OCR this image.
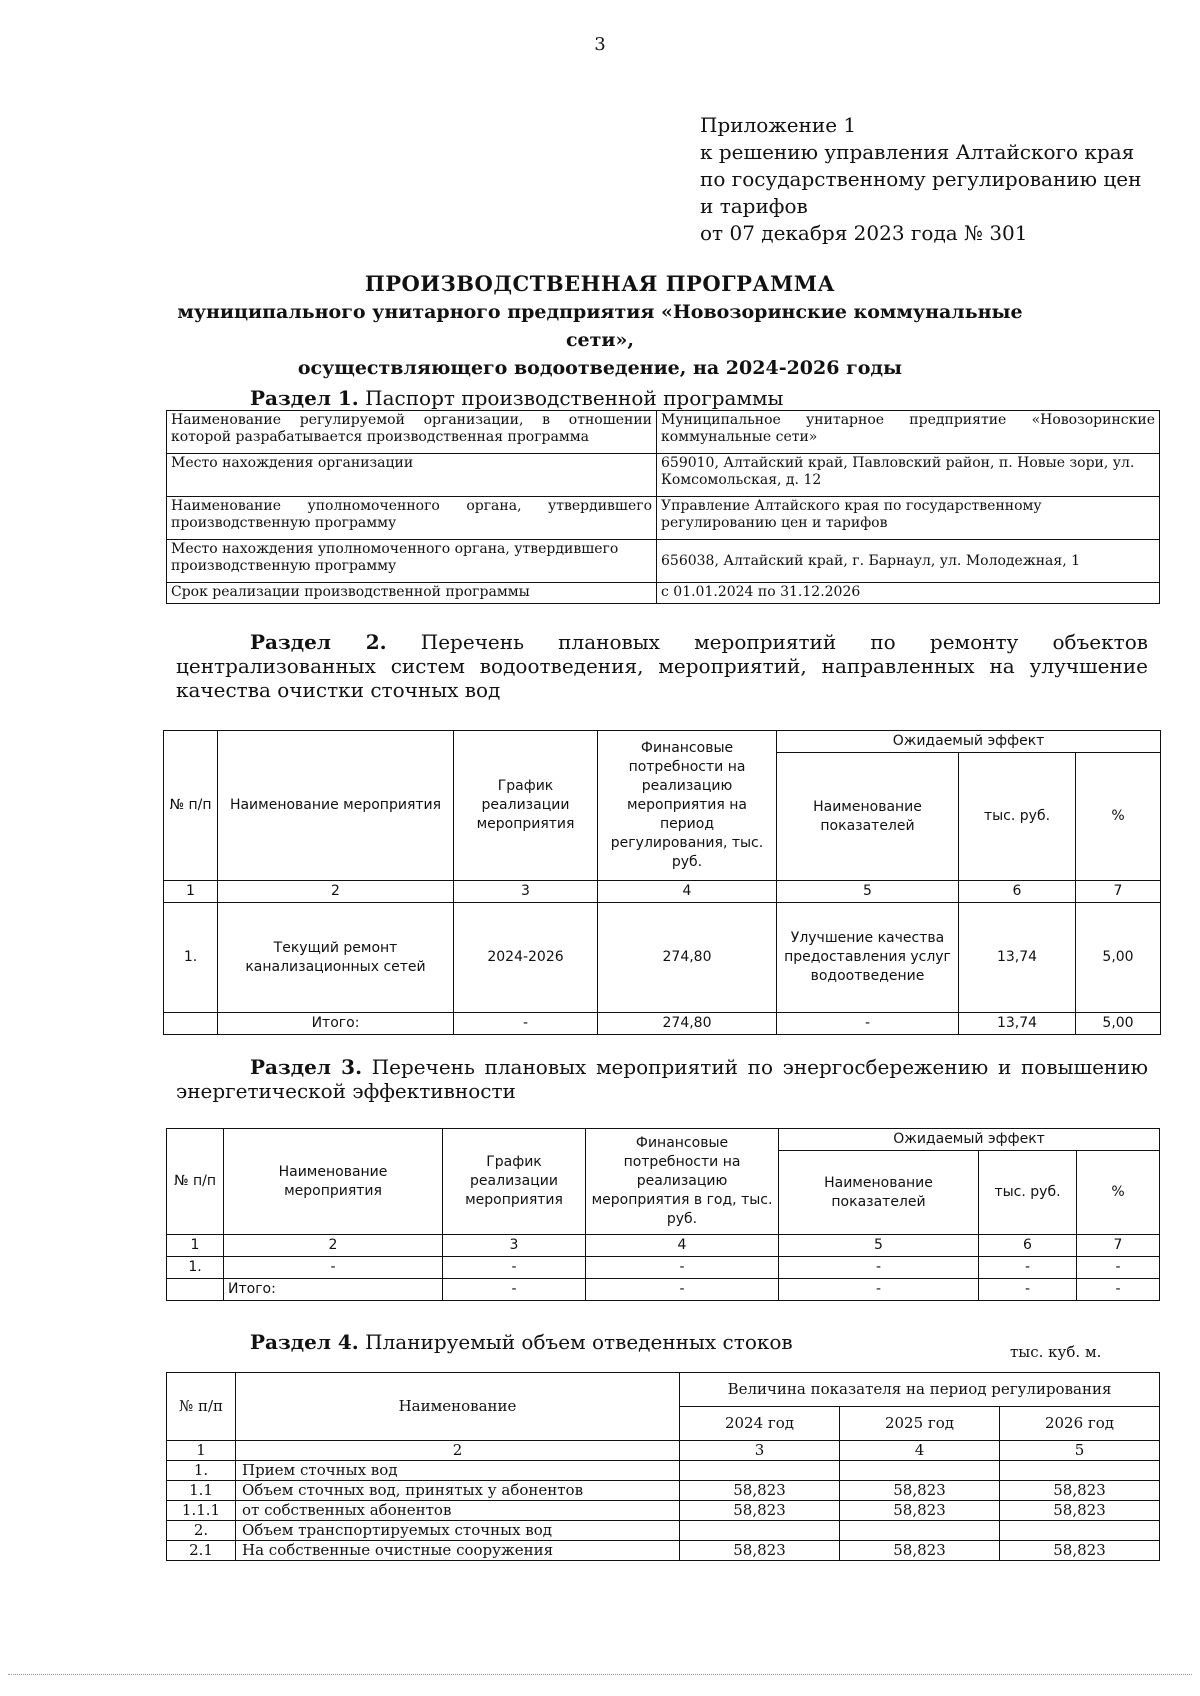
3
Приложение 1
к решению управления Алтайского края
по государственному регулированию цен
и тарифов
от 07 декабря 2023 года № 301
ПРОИЗВОДСТВЕННАЯ ПРОГРАММА
муниципального унитарного предприятия «Новозоринские коммунальные сети»,
осуществляющего водоотведение, на 2024-2026 годы
Раздел 1. Паспорт производственной программы
Наименование регулируемой организации, в отношении которой разрабатывается производственная программа	Муниципальное унитарное предприятие «Новозоринские коммунальные сети»
Место нахождения организации	659010, Алтайский край, Павловский район, п. Новые зори, ул. Комсомольская, д. 12
Наименование уполномоченного органа, утвердившего производственную программу	Управление Алтайского края по государственному регулированию цен и тарифов
Место нахождения уполномоченного органа, утвердившего производственную программу	656038, Алтайский край, г. Барнаул, ул. Молодежная, 1
Срок реализации производственной программы	с 01.01.2024 по 31.12.2026
Раздел 2. Перечень плановых мероприятий по ремонту объектов централизованных систем водоотведения, мероприятий, направленных на улучшение качества очистки сточных вод
№ п/п	Наименование мероприятия	График реализации мероприятия	Финансовые потребности на реализацию мероприятия на период регулирования, тыс. руб.	Ожидаемый эффект		
				Наименование показателей	тыс. руб.	%
1	2	3	4	5	6	7
1.	Текущий ремонт канализационных сетей	2024-2026	274,80	Улучшение качества предоставления услуг водоотведение	13,74	5,00
	Итого:	-	274,80	-	13,74	5,00
Раздел 3. Перечень плановых мероприятий по энергосбережению и повышению энергетической эффективности
№ п/п	Наименование мероприятия	График реализации мероприятия	Финансовые потребности на реализацию мероприятия в год, тыс. руб.	Ожидаемый эффект		
				Наименование показателей	тыс. руб.	%
1	2	3	4	5	6	7
1.	-	-	-	-	-	-
	Итого:	-	-	-	-	-
Раздел 4. Планируемый объем отведенных стоков	тыс. куб. м.
№ п/п	Наименование	Величина показателя на период регулирования		
		2024 год	2025 год	2026 год
1	2	3	4	5
1.	Прием сточных вод			
1.1	Объем сточных вод, принятых у абонентов	58,823	58,823	58,823
1.1.1	от собственных абонентов	58,823	58,823	58,823
2.	Объем транспортируемых сточных вод			
2.1	На собственные очистные сооружения	58,823	58,823	58,823
